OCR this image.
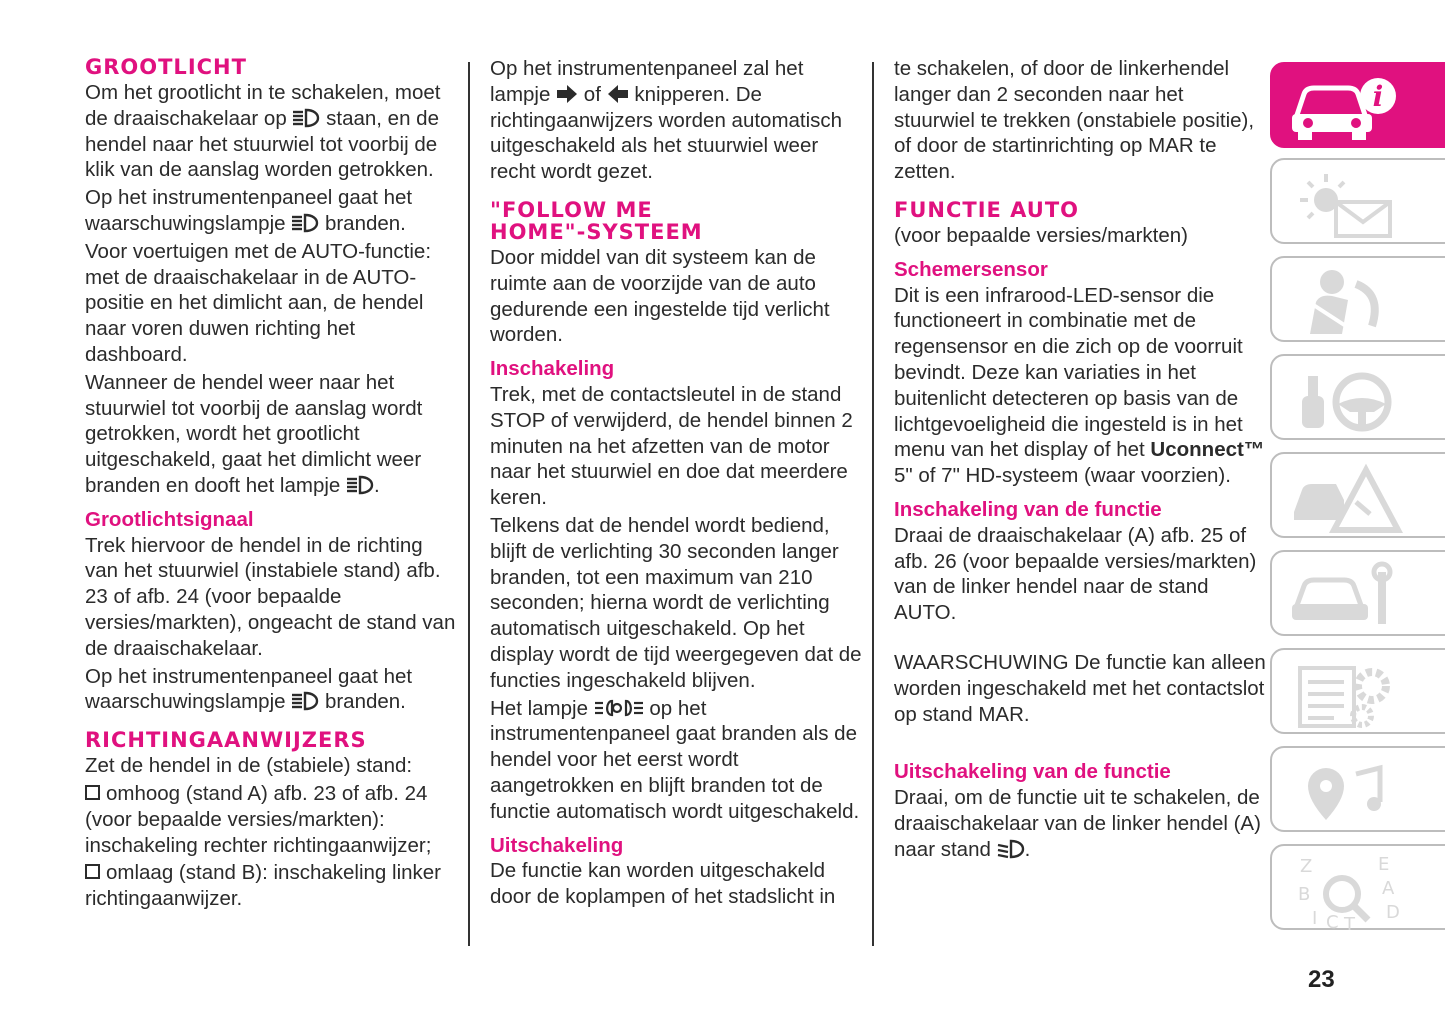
GROOTLICHT

Om het grootlicht in te schakelen, moet de draaischakelaar op staan, en de hendel naar het stuurwiel tot voorbij de klik van de aanslag worden getrokken.

Op het instrumentenpaneel gaat het waarschuwingslampje branden.

Voor voertuigen met de AUTO-functie: met de draaischakelaar in de AUTO-positie en het dimlicht aan, de hendel naar voren duwen richting het dashboard.

Wanneer de hendel weer naar het stuurwiel tot voorbij de aanslag wordt getrokken, wordt het grootlicht uitgeschakeld, gaat het dimlicht weer branden en dooft het lampje .

Grootlichtsignaal

Trek hiervoor de hendel in de richting van het stuurwiel (instabiele stand) afb. 23 of afb. 24 (voor bepaalde versies/markten), ongeacht de stand van de draaischakelaar.

Op het instrumentenpaneel gaat het waarschuwingslampje branden.

RICHTINGAANWIJZERS

Zet de hendel in de (stabiele) stand:

omhoog (stand A) afb. 23 of afb. 24 (voor bepaalde versies/markten): inschakeling rechter richtingaanwijzer;

omlaag (stand B): inschakeling linker richtingaanwijzer.

Op het instrumentenpaneel zal het lampje of knipperen. De richtingaanwijzers worden automatisch uitgeschakeld als het stuurwiel weer recht wordt gezet.

"FOLLOW ME HOME"-SYSTEEM

Door middel van dit systeem kan de ruimte aan de voorzijde van de auto gedurende een ingestelde tijd verlicht worden.

Inschakeling

Trek, met de contactsleutel in de stand STOP of verwijderd, de hendel binnen 2 minuten na het afzetten van de motor naar het stuurwiel en doe dat meerdere keren.

Telkens dat de hendel wordt bediend, blijft de verlichting 30 seconden langer branden, tot een maximum van 210 seconden; hierna wordt de verlichting automatisch uitgeschakeld. Op het display wordt de tijd weergegeven dat de functies ingeschakeld blijven.

Het lampje	op het instrumentenpaneel gaat branden als de hendel voor het eerst wordt aangetrokken en blijft branden tot de functie automatisch wordt uitgeschakeld.

Uitschakeling

De functie kan worden uitgeschakeld door de koplampen of het stadslicht in

te schakelen, of door de linkerhendel langer dan 2 seconden naar het stuurwiel te trekken (onstabiele positie), of door de startinrichting op MAR te zetten.

FUNCTIE AUTO

(voor bepaalde versies/markten)

Schemersensor

Dit is een infrarood-LED-sensor die functioneert in combinatie met de regensensor en die zich op de voorruit bevindt. Deze kan variaties in het buitenlicht detecteren op basis van de lichtgevoeligheid die ingesteld is in het menu van het display of het Uconnect™ 5" of 7" HD-systeem (waar voorzien).

Inschakeling van de functie

Draai de draaischakelaar (A) afb. 25 of afb. 26 (voor bepaalde versies/markten) van de linker hendel naar de stand AUTO.

WAARSCHUWING De functie kan alleen worden ingeschakeld met het contactslot op stand MAR.

Uitschakeling van de functie

Draai, om de functie uit te schakelen, de draaischakelaar van de linker hendel (A) naar stand .

i
Z	E
B	A
I C T
D
23
